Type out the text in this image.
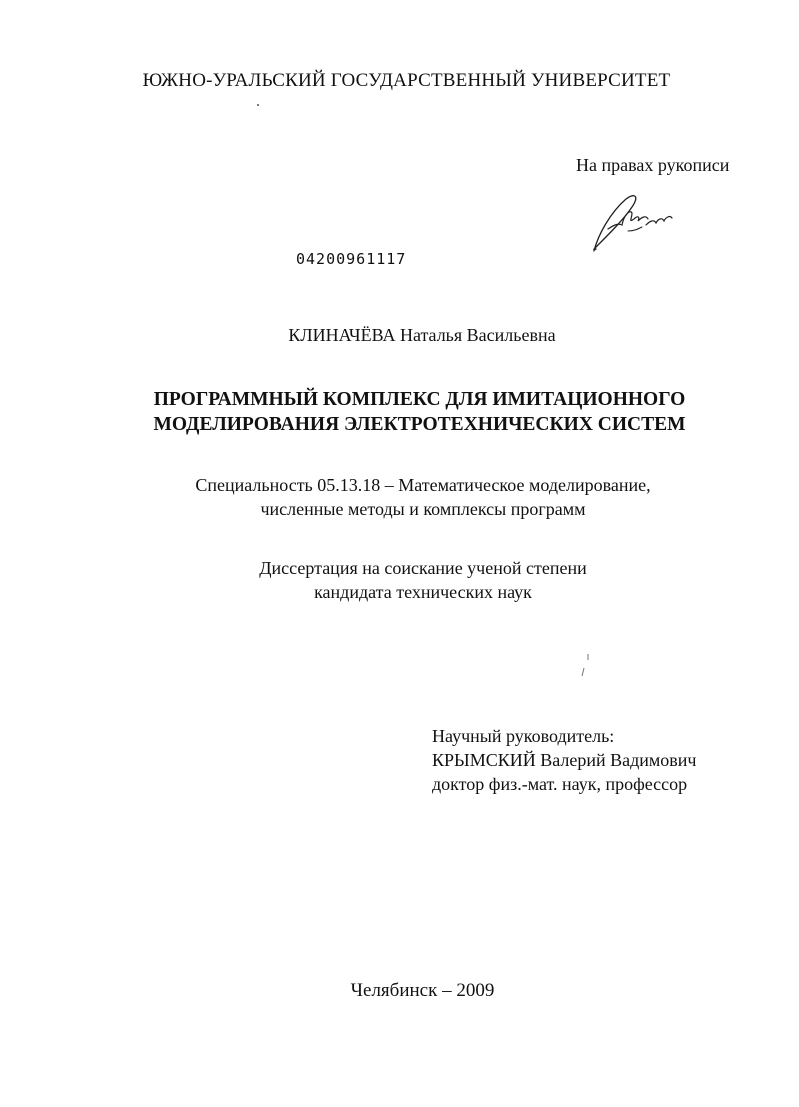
ЮЖНО-УРАЛЬСКИЙ ГОСУДАРСТВЕННЫЙ УНИВЕРСИТЕТ
На правах рукописи
04200961117
КЛИНАЧЁВА Наталья Васильевна
ПРОГРАММНЫЙ КОМПЛЕКС ДЛЯ ИМИТАЦИОННОГО
МОДЕЛИРОВАНИЯ ЭЛЕКТРОТЕХНИЧЕСКИХ СИСТЕМ
Специальность 05.13.18 – Математическое моделирование,
численные методы и комплексы программ
Диссертация на соискание ученой степени
кандидата технических наук
Научный руководитель:
КРЫМСКИЙ Валерий Вадимович
доктор физ.-мат. наук, профессор
Челябинск – 2009
